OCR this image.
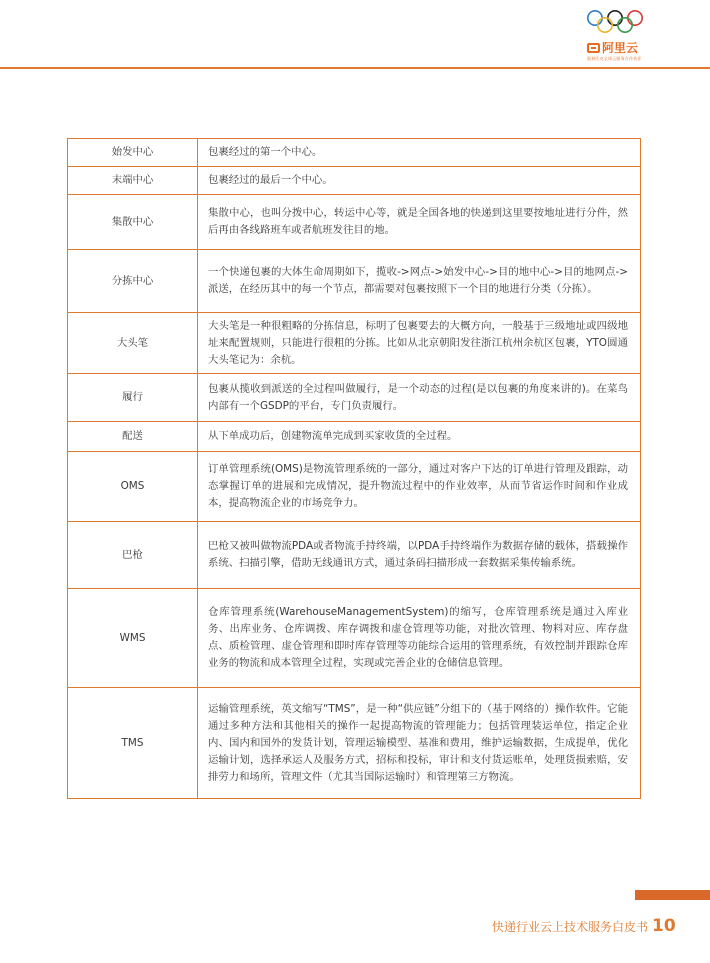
阿里云
奥林匹克全球云服务合作伙伴
始发中心	包裹经过的第一个中心。
末端中心	包裹经过的最后一个中心。
集散中心	集散中心，也叫分拨中心，转运中心等，就是全国各地的快递到这里要按地址进行分件，然后再由各线路班车或者航班发往目的地。
分拣中心	一个快递包裹的大体生命周期如下，揽收->网点->始发中心->目的地中心->目的地网点->派送，在经历其中的每一个节点，都需要对包裹按照下一个目的地进行分类（分拣）。
大头笔	大头笔是一种很粗略的分拣信息，标明了包裹要去的大概方向，一般基于三级地址或四级地址来配置规则，只能进行很粗的分拣。比如从北京朝阳发往浙江杭州余杭区包裹，YTO圆通大头笔记为：余杭。
履行	包裹从揽收到派送的全过程叫做履行，是一个动态的过程(是以包裹的角度来讲的)。在菜鸟内部有一个GSDP的平台，专门负责履行。
配送	从下单成功后，创建物流单完成到买家收货的全过程。
OMS	订单管理系统(OMS)是物流管理系统的一部分，通过对客户下达的订单进行管理及跟踪，动态掌握订单的进展和完成情况，提升物流过程中的作业效率，从而节省运作时间和作业成本，提高物流企业的市场竞争力。
巴枪	巴枪又被叫做物流PDA或者物流手持终端，以PDA手持终端作为数据存储的载体，搭载操作系统、扫描引擎，借助无线通讯方式，通过条码扫描形成一套数据采集传输系统。
WMS	仓库管理系统(WarehouseManagementSystem)的缩写，仓库管理系统是通过入库业务、出库业务、仓库调拨、库存调拨和虚仓管理等功能，对批次管理、物料对应、库存盘点、质检管理、虚仓管理和即时库存管理等功能综合运用的管理系统，有效控制并跟踪仓库业务的物流和成本管理全过程，实现或完善企业的仓储信息管理。
TMS	运输管理系统，英文缩写“TMS”，是一种“供应链”分组下的（基于网络的）操作软件。它能通过多种方法和其他相关的操作一起提高物流的管理能力；包括管理装运单位，指定企业内、国内和国外的发货计划，管理运输模型、基准和费用，维护运输数据，生成提单，优化运输计划，选择承运人及服务方式，招标和投标，审计和支付货运账单，处理货损索赔，安排劳力和场所，管理文件（尤其当国际运输时）和管理第三方物流。
快递行业云上技术服务白皮书 10
